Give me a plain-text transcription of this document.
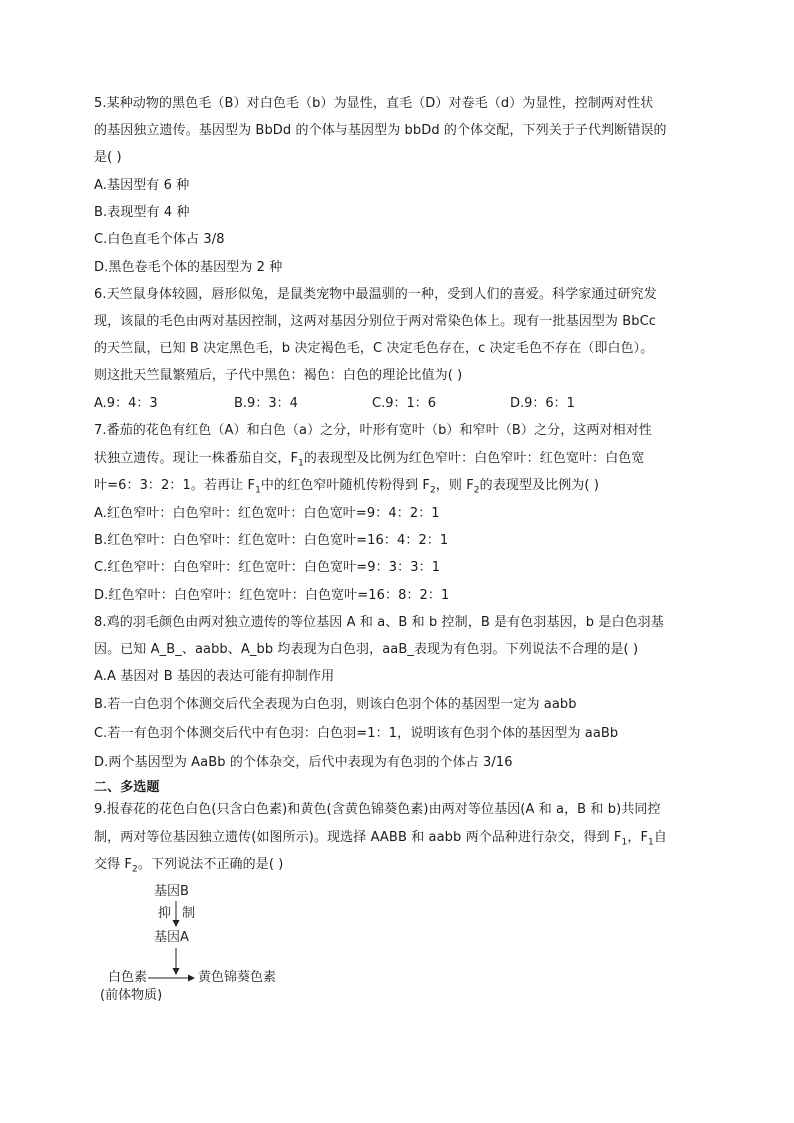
5.某种动物的黑色毛（B）对白色毛（b）为显性，直毛（D）对卷毛（d）为显性，控制两对性状
的基因独立遗传。基因型为 BbDd 的个体与基因型为 bbDd 的个体交配，下列关于子代判断错误的
是( )
A.基因型有 6 种
B.表现型有 4 种
C.白色直毛个体占 3/8
D.黑色卷毛个体的基因型为 2 种
6.天竺鼠身体较圆，唇形似兔，是鼠类宠物中最温驯的一种，受到人们的喜爱。科学家通过研究发
现，该鼠的毛色由两对基因控制，这两对基因分别位于两对常染色体上。现有一批基因型为 BbCc
的天竺鼠，已知 B 决定黑色毛，b 决定褐色毛，C 决定毛色存在，c 决定毛色不存在（即白色）。
则这批天竺鼠繁殖后，子代中黑色：褐色：白色的理论比值为( )
A.9：4：3	B.9：3：4	C.9：1：6	D.9：6：1
7.番茄的花色有红色（A）和白色（a）之分，叶形有宽叶（b）和窄叶（B）之分，这两对相对性
状独立遗传。现让一株番茄自交，$F_1$的表现型及比例为红色窄叶：白色窄叶：红色宽叶：白色宽
叶=6：3：2：1。若再让 $F_1$中的红色窄叶随机传粉得到 $F_2$，则 $F_2$的表现型及比例为( )
A.红色窄叶：白色窄叶：红色宽叶：白色宽叶=9：4：2：1
B.红色窄叶：白色窄叶：红色宽叶：白色宽叶=16：4：2：1
C.红色窄叶：白色窄叶：红色宽叶：白色宽叶=9：3：3：1
D.红色窄叶：白色窄叶：红色宽叶：白色宽叶=16：8：2：1
8.鸡的羽毛颜色由两对独立遗传的等位基因 A 和 a、B 和 b 控制，B 是有色羽基因，b 是白色羽基
因。已知 A_B_、aabb、A_bb 均表现为白色羽，aaB_表现为有色羽。下列说法不合理的是( )
A.A 基因对 B 基因的表达可能有抑制作用
B.若一白色羽个体测交后代全表现为白色羽，则该白色羽个体的基因型一定为 aabb
C.若一有色羽个体测交后代中有色羽：白色羽=1：1，说明该有色羽个体的基因型为 aaBb
D.两个基因型为 AaBb 的个体杂交，后代中表现为有色羽的个体占 3/16
二、多选题
9.报春花的花色白色(只含白色素)和黄色(含黄色锦葵色素)由两对等位基因(A 和 a，B 和 b)共同控
制，两对等位基因独立遗传(如图所示)。现选择 AABB 和 aabb 两个品种进行杂交，得到 $F_1$，$F_1$自
交得 $F_2$。下列说法不正确的是( )
基因B
抑 制
基因A
白色素
(前体物质)
黄色锦葵色素
